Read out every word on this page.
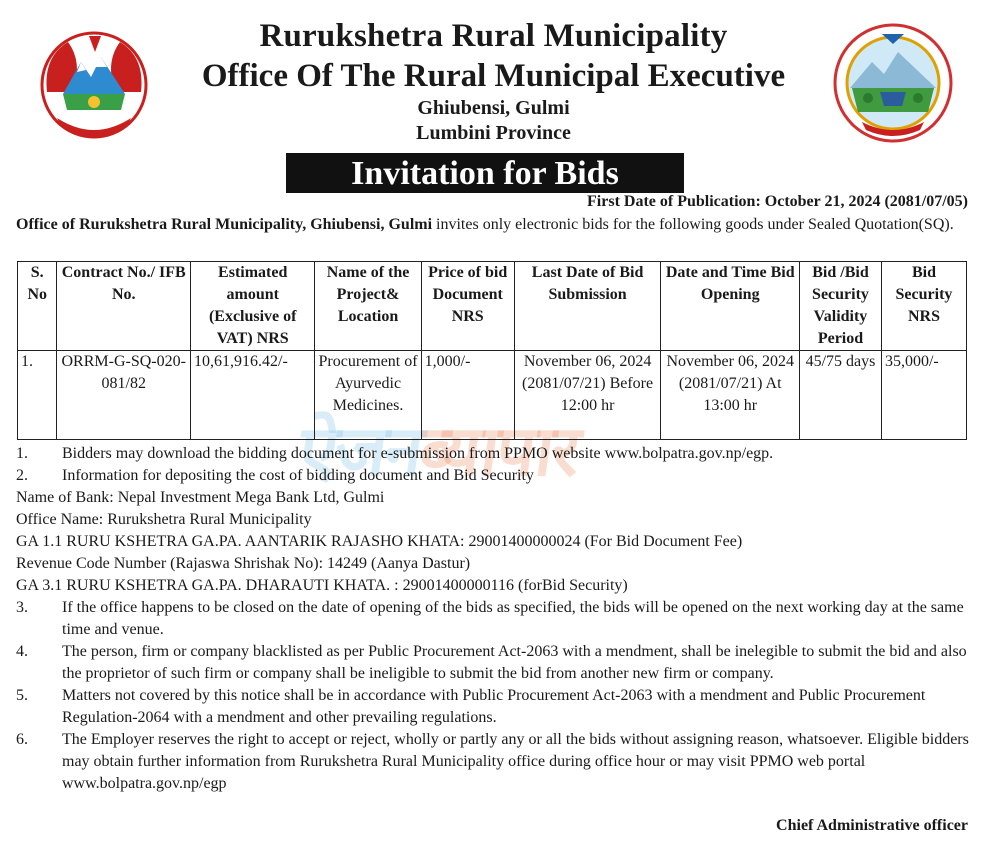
Rurukshetra Rural Municipality
Office Of The Rural Municipal Executive
Ghiubensi, Gulmi
Lumbini Province
Invitation for Bids
First Date of Publication: October 21, 2024 (2081/07/05)
Office of Rurukshetra Rural Municipality, Ghiubensi, Gulmi invites only electronic bids for the following goods under Sealed Quotation(SQ).
ऐजनब्यापार
S. No	Contract No./ IFB No.	Estimated amount (Exclusive of VAT) NRS	Name of the Project& Location	Price of bid Document NRS	Last Date of Bid Submission	Date and Time Bid Opening	Bid /Bid Security Validity Period	Bid Security NRS
1.	ORRM-G-SQ-020-081/82	10,61,916.42/-	Procurement of Ayurvedic Medicines.	1,000/-	November 06, 2024 (2081/07/21) Before 12:00 hr	November 06, 2024 (2081/07/21) At 13:00 hr	45/75 days	35,000/-
1. Bidders may download the bidding document for e-submission from PPMO website www.bolpatra.gov.np/egp.
2. Information for depositing the cost of bidding document and Bid Security
Name of Bank: Nepal Investment Mega Bank Ltd, Gulmi
Office Name: Rurukshetra Rural Municipality
GA 1.1 RURU KSHETRA GA.PA. AANTARIK RAJASHO KHATA: 29001400000024 (For Bid Document Fee)
Revenue Code Number (Rajaswa Shrishak No): 14249 (Aanya Dastur)
GA 3.1 RURU KSHETRA GA.PA. DHARAUTI KHATA. : 29001400000116 (forBid Security)
3. If the office happens to be closed on the date of opening of the bids as specified, the bids will be opened on the next working day at the same time and venue.
4. The person, firm or company blacklisted as per Public Procurement Act-2063 with a mendment, shall be inelegible to submit the bid and also the proprietor of such firm or company shall be ineligible to submit the bid from another new firm or company.
5. Matters not covered by this notice shall be in accordance with Public Procurement Act-2063 with a mendment and Public Procurement Regulation-2064 with a mendment and other prevailing regulations.
6. The Employer reserves the right to accept or reject, wholly or partly any or all the bids without assigning reason, whatsoever. Eligible bidders may obtain further information from Rurukshetra Rural Municipality office during office hour or may visit PPMO web portal www.bolpatra.gov.np/egp
Chief Administrative officer
